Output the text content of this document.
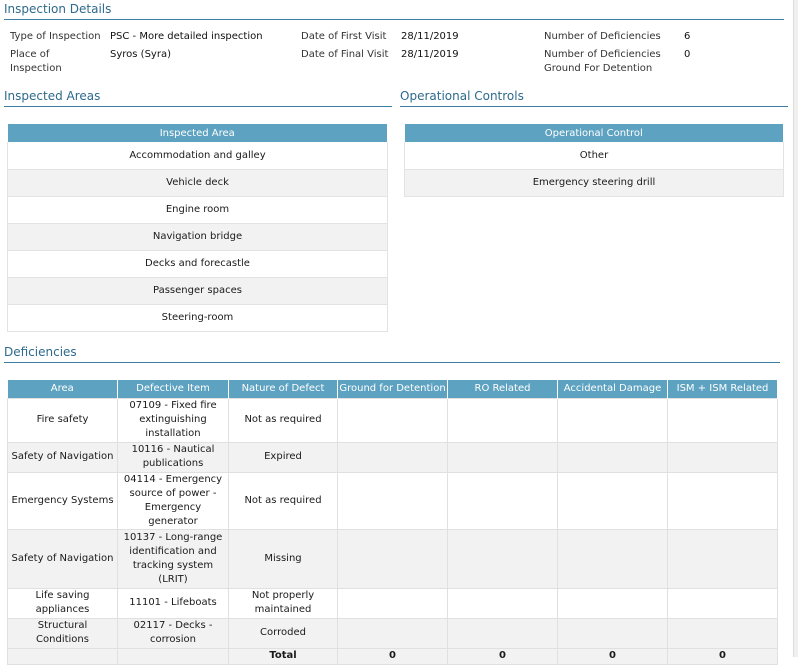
Inspection Details
Type of Inspection PSC - More detailed inspection
Place of
Inspection
Syros (Syra)
Date of First Visit 28/11/2019
Date of Final Visit 28/11/2019
Number of Deficiencies 6
Number of Deficiencies
Ground For Detention
0
Inspected Areas
Inspected Area
Accommodation and galley
Vehicle deck
Engine room
Navigation bridge
Decks and forecastle
Passenger spaces
Steering-room
Operational Controls
Operational Control
Other
Emergency steering drill
Deficiencies
Area	Defective Item	Nature of Defect	Ground for Detention	RO Related	Accidental Damage	ISM + ISM Related
Fire safety	07109 - Fixed fire extinguishing installation	Not as required				
Safety of Navigation	10116 - Nautical publications	Expired				
Emergency Systems	04114 - Emergency source of power - Emergency generator	Not as required				
Safety of Navigation	10137 - Long-range identification and tracking system (LRIT)	Missing				
Life saving appliances	11101 - Lifeboats	Not properly maintained				
Structural Conditions	02117 - Decks - corrosion	Corroded				
		Total	0	0	0	0
